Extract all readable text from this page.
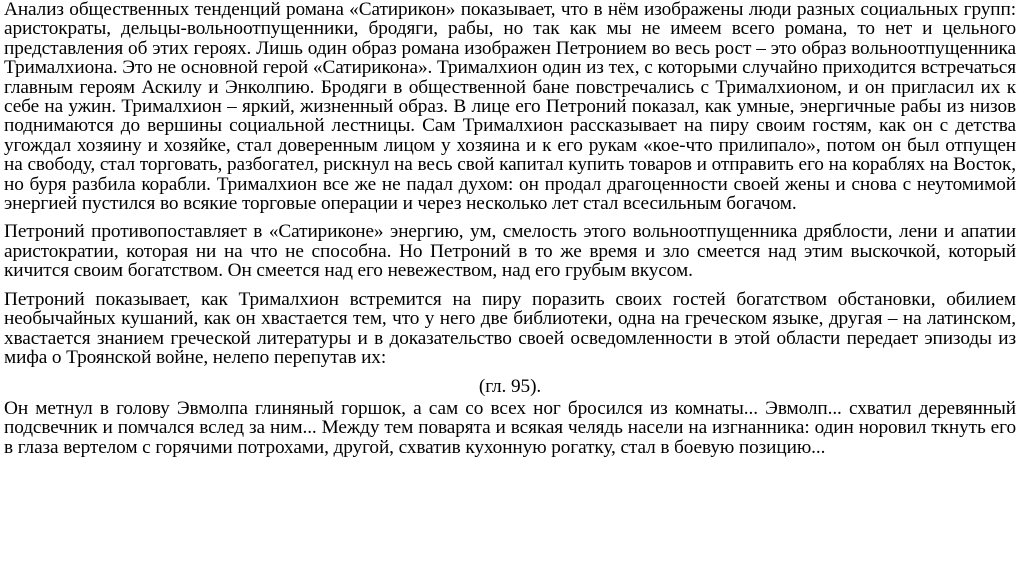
Анализ общественных тенденций романа «Сатирикон» показывает, что в нём изображены люди разных социальных групп: аристократы, дельцы-вольноотпущенники, бродяги, рабы, но так как мы не имеем всего романа, то нет и цельного представления об этих героях. Лишь один образ романа изображен Петронием во весь рост – это образ вольноотпущенника Трималхиона. Это не основной герой «Сатирикона». Трималхион один из тех, с которыми случайно приходится встречаться главным героям Аскилу и Энколпию. Бродяги в общественной бане повстречались с Трималхионом, и он пригласил их к себе на ужин. Трималхион – яркий, жизненный образ. В лице его Петроний показал, как умные, энергичные рабы из низов поднимаются до вершины социальной лестницы. Сам Трималхион рассказывает на пиру своим гостям, как он с детства угождал хозяину и хозяйке, стал доверенным лицом у хозяина и к его рукам «кое-что прилипало», потом он был отпущен на свободу, стал торговать, разбогател, рискнул на весь свой капитал купить товаров и отправить его на кораблях на Восток, но буря разбила корабли. Трималхион все же не падал духом: он продал драгоценности своей жены и снова с неутомимой энергией пустился во всякие торговые операции и через несколько лет стал всесильным богачом.

Петроний противопоставляет в «Сатириконе» энергию, ум, смелость этого вольноотпущенника дряблости, лени и апатии аристократии, которая ни на что не способна. Но Петроний в то же время и зло смеется над этим выскочкой, который кичится своим богатством. Он смеется над его невежеством, над его грубым вкусом.

Петроний показывает, как Трималхион встремится на пиру поразить своих гостей богатством обстановки, обилием необычайных кушаний, как он хвастается тем, что у него две библиотеки, одна на греческом языке, другая – на латинском, хвастается знанием греческой литературы и в доказательство своей осведомленности в этой области передает эпизоды из мифа о Троянской войне, нелепо перепутав их:

(гл. 95).

Он метнул в голову Эвмолпа глиняный горшок, а сам со всех ног бросился из комнаты... Эвмолп... схватил деревянный подсвечник и помчался вслед за ним... Между тем поварята и всякая челядь насели на изгнанника: один норовил ткнуть его в глаза вертелом с горячими потрохами, другой, схватив кухонную рогатку, стал в боевую позицию...
